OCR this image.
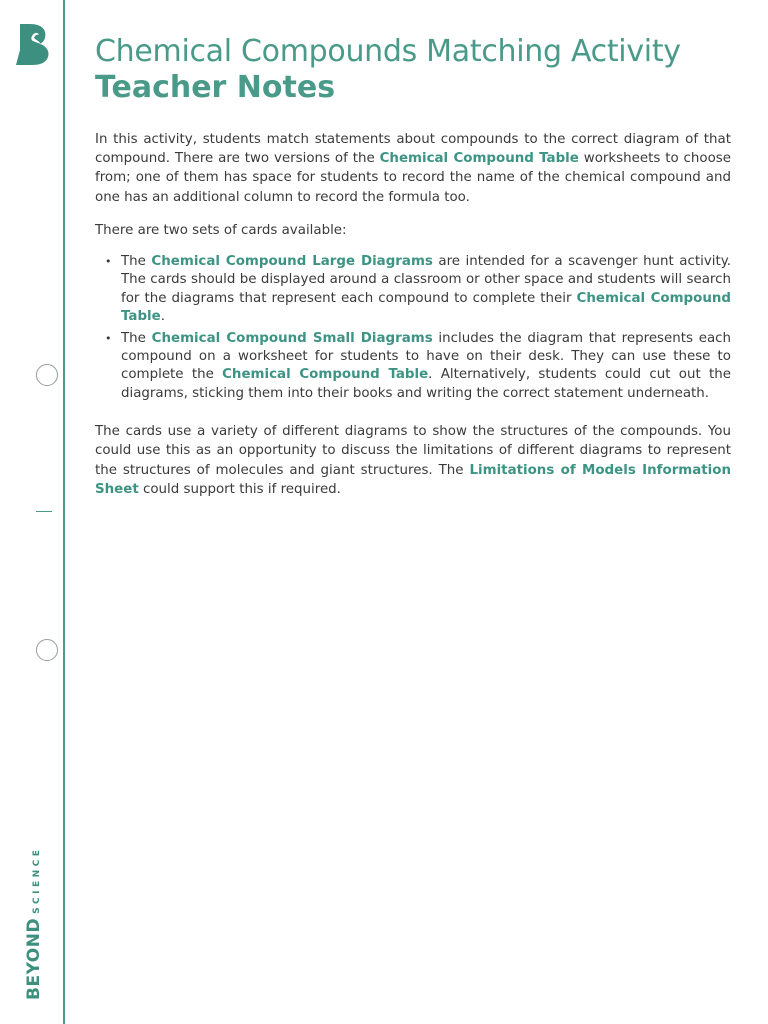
BEYONDSCIENCE
Chemical Compounds Matching Activity
Teacher Notes

In this activity, students match statements about compounds to the correct diagram of that compound. There are two versions of the Chemical Compound Table worksheets to choose from; one of them has space for students to record the name of the chemical compound and one has an additional column to record the formula too.

There are two sets of cards available:

• The Chemical Compound Large Diagrams are intended for a scavenger hunt activity. The cards should be displayed around a classroom or other space and students will search for the diagrams that represent each compound to complete their Chemical Compound Table.
• The Chemical Compound Small Diagrams includes the diagram that represents each compound on a worksheet for students to have on their desk. They can use these to complete the Chemical Compound Table. Alternatively, students could cut out the diagrams, sticking them into their books and writing the correct statement underneath.

The cards use a variety of different diagrams to show the structures of the compounds. You could use this as an opportunity to discuss the limitations of different diagrams to represent the structures of molecules and giant structures. The Limitations of Models Information Sheet could support this if required.
